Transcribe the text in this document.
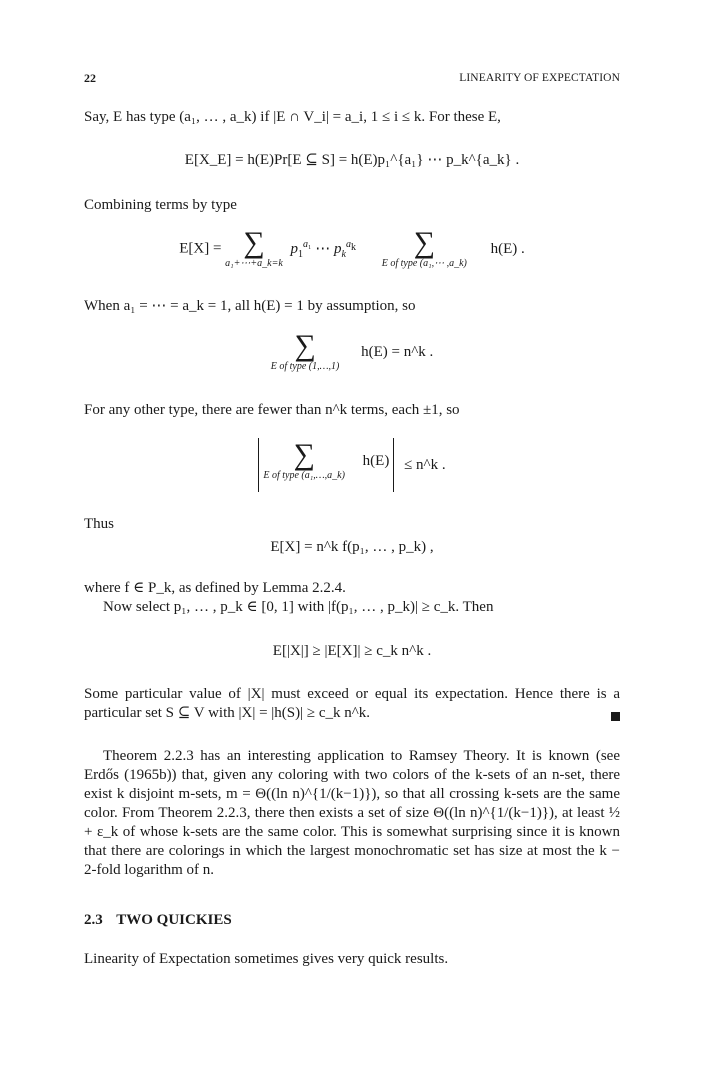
22	LINEARITY OF EXPECTATION
Say, E has type (a₁, … , a_k) if |E ∩ V_i| = a_i, 1 ≤ i ≤ k. For these E,
E[X_E] = h(E)Pr[E ⊆ S] = h(E)p₁^{a₁} ⋯ p_k^{a_k} .
Combining terms by type
E[X] = ∑
a₁+⋯+a_k=k
$p_1^{a_1}$ ⋯ $p_k^{a_k}$	∑
E of type (a₁,⋯ ,a_k)
h(E) .
When a₁ = ⋯ = a_k = 1, all h(E) = 1 by assumption, so
∑
E of type (1,…,1)
h(E) = n^k .
For any other type, there are fewer than n^k terms, each ±1, so
∑
E of type (a₁,…,a_k)
h(E) ≤ n^k .
Thus
E[X] = n^k f(p₁, … , p_k) ,
where f ∈ P_k, as defined by Lemma 2.2.4.
Now select p₁, … , p_k ∈ [0, 1] with |f(p₁, … , p_k)| ≥ c_k. Then
E[|X|] ≥ |E[X]| ≥ c_k n^k .
Some particular value of |X| must exceed or equal its expectation. Hence there is a particular set S ⊆ V with |X| = |h(S)| ≥ c_k n^k.
Theorem 2.2.3 has an interesting application to Ramsey Theory. It is known (see Erdős (1965b)) that, given any coloring with two colors of the k-sets of an n-set, there exist k disjoint m-sets, m = Θ((ln n)^{1/(k−1)}), so that all crossing k-sets are the same color. From Theorem 2.2.3, there then exists a set of size Θ((ln n)^{1/(k−1)}), at least ½ + ε_k of whose k-sets are the same color. This is somewhat surprising since it is known that there are colorings in which the largest monochromatic set has size at most the k − 2-fold logarithm of n.
2.3 TWO QUICKIES
Linearity of Expectation sometimes gives very quick results.
